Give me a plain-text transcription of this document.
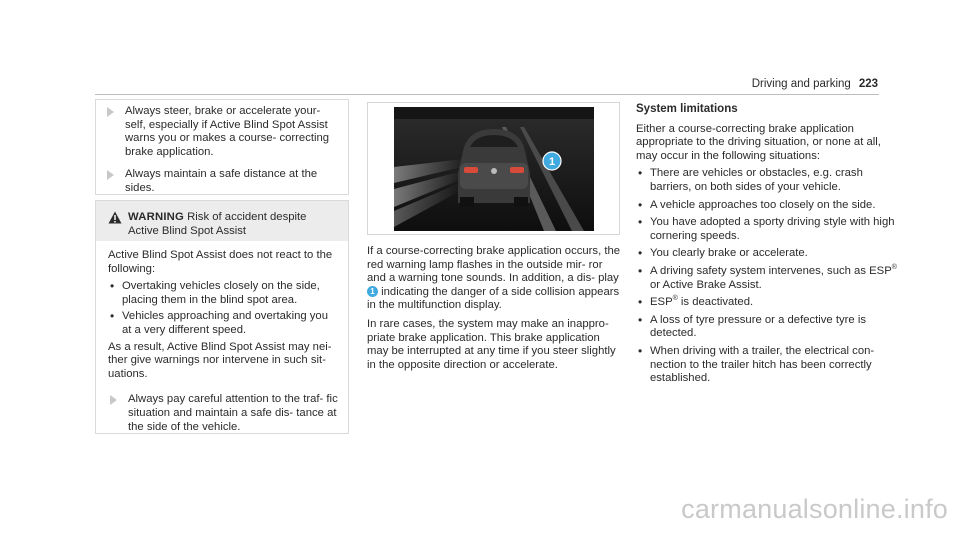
Driving and parking 223
Always steer, brake or accelerate your- self, especially if Active Blind Spot Assist warns you or makes a course- correcting brake application.
Always maintain a safe distance at the sides.
WARNING Risk of accident despite
Active Blind Spot Assist

Active Blind Spot Assist does not react to the following:

• Overtaking vehicles closely on the side, placing them in the blind spot area.
• Vehicles approaching and overtaking you at a very different speed.

As a result, Active Blind Spot Assist may nei- ther give warnings nor intervene in such sit- uations.

Always pay careful attention to the traf- fic situation and maintain a safe dis- tance at the side of the vehicle.
1

If a course-correcting brake application occurs, the red warning lamp flashes in the outside mir- ror and a warning tone sounds. In addition, a dis- play 1 indicating the danger of a side collision appears in the multifunction display.

In rare cases, the system may make an inappro- priate brake application. This brake application may be interrupted at any time if you steer slightly in the opposite direction or accelerate.

System limitations

Either a course-correcting brake application appropriate to the driving situation, or none at all, may occur in the following situations:

• There are vehicles or obstacles, e.g. crash barriers, on both sides of your vehicle.
• A vehicle approaches too closely on the side.
• You have adopted a sporty driving style with high cornering speeds.
• You clearly brake or accelerate.
• A driving safety system intervenes, such as ESP® or Active Brake Assist.
• ESP® is deactivated.
• A loss of tyre pressure or a defective tyre is detected.
• When driving with a trailer, the electrical con- nection to the trailer hitch has been correctly established.
carmanualsonline.info
